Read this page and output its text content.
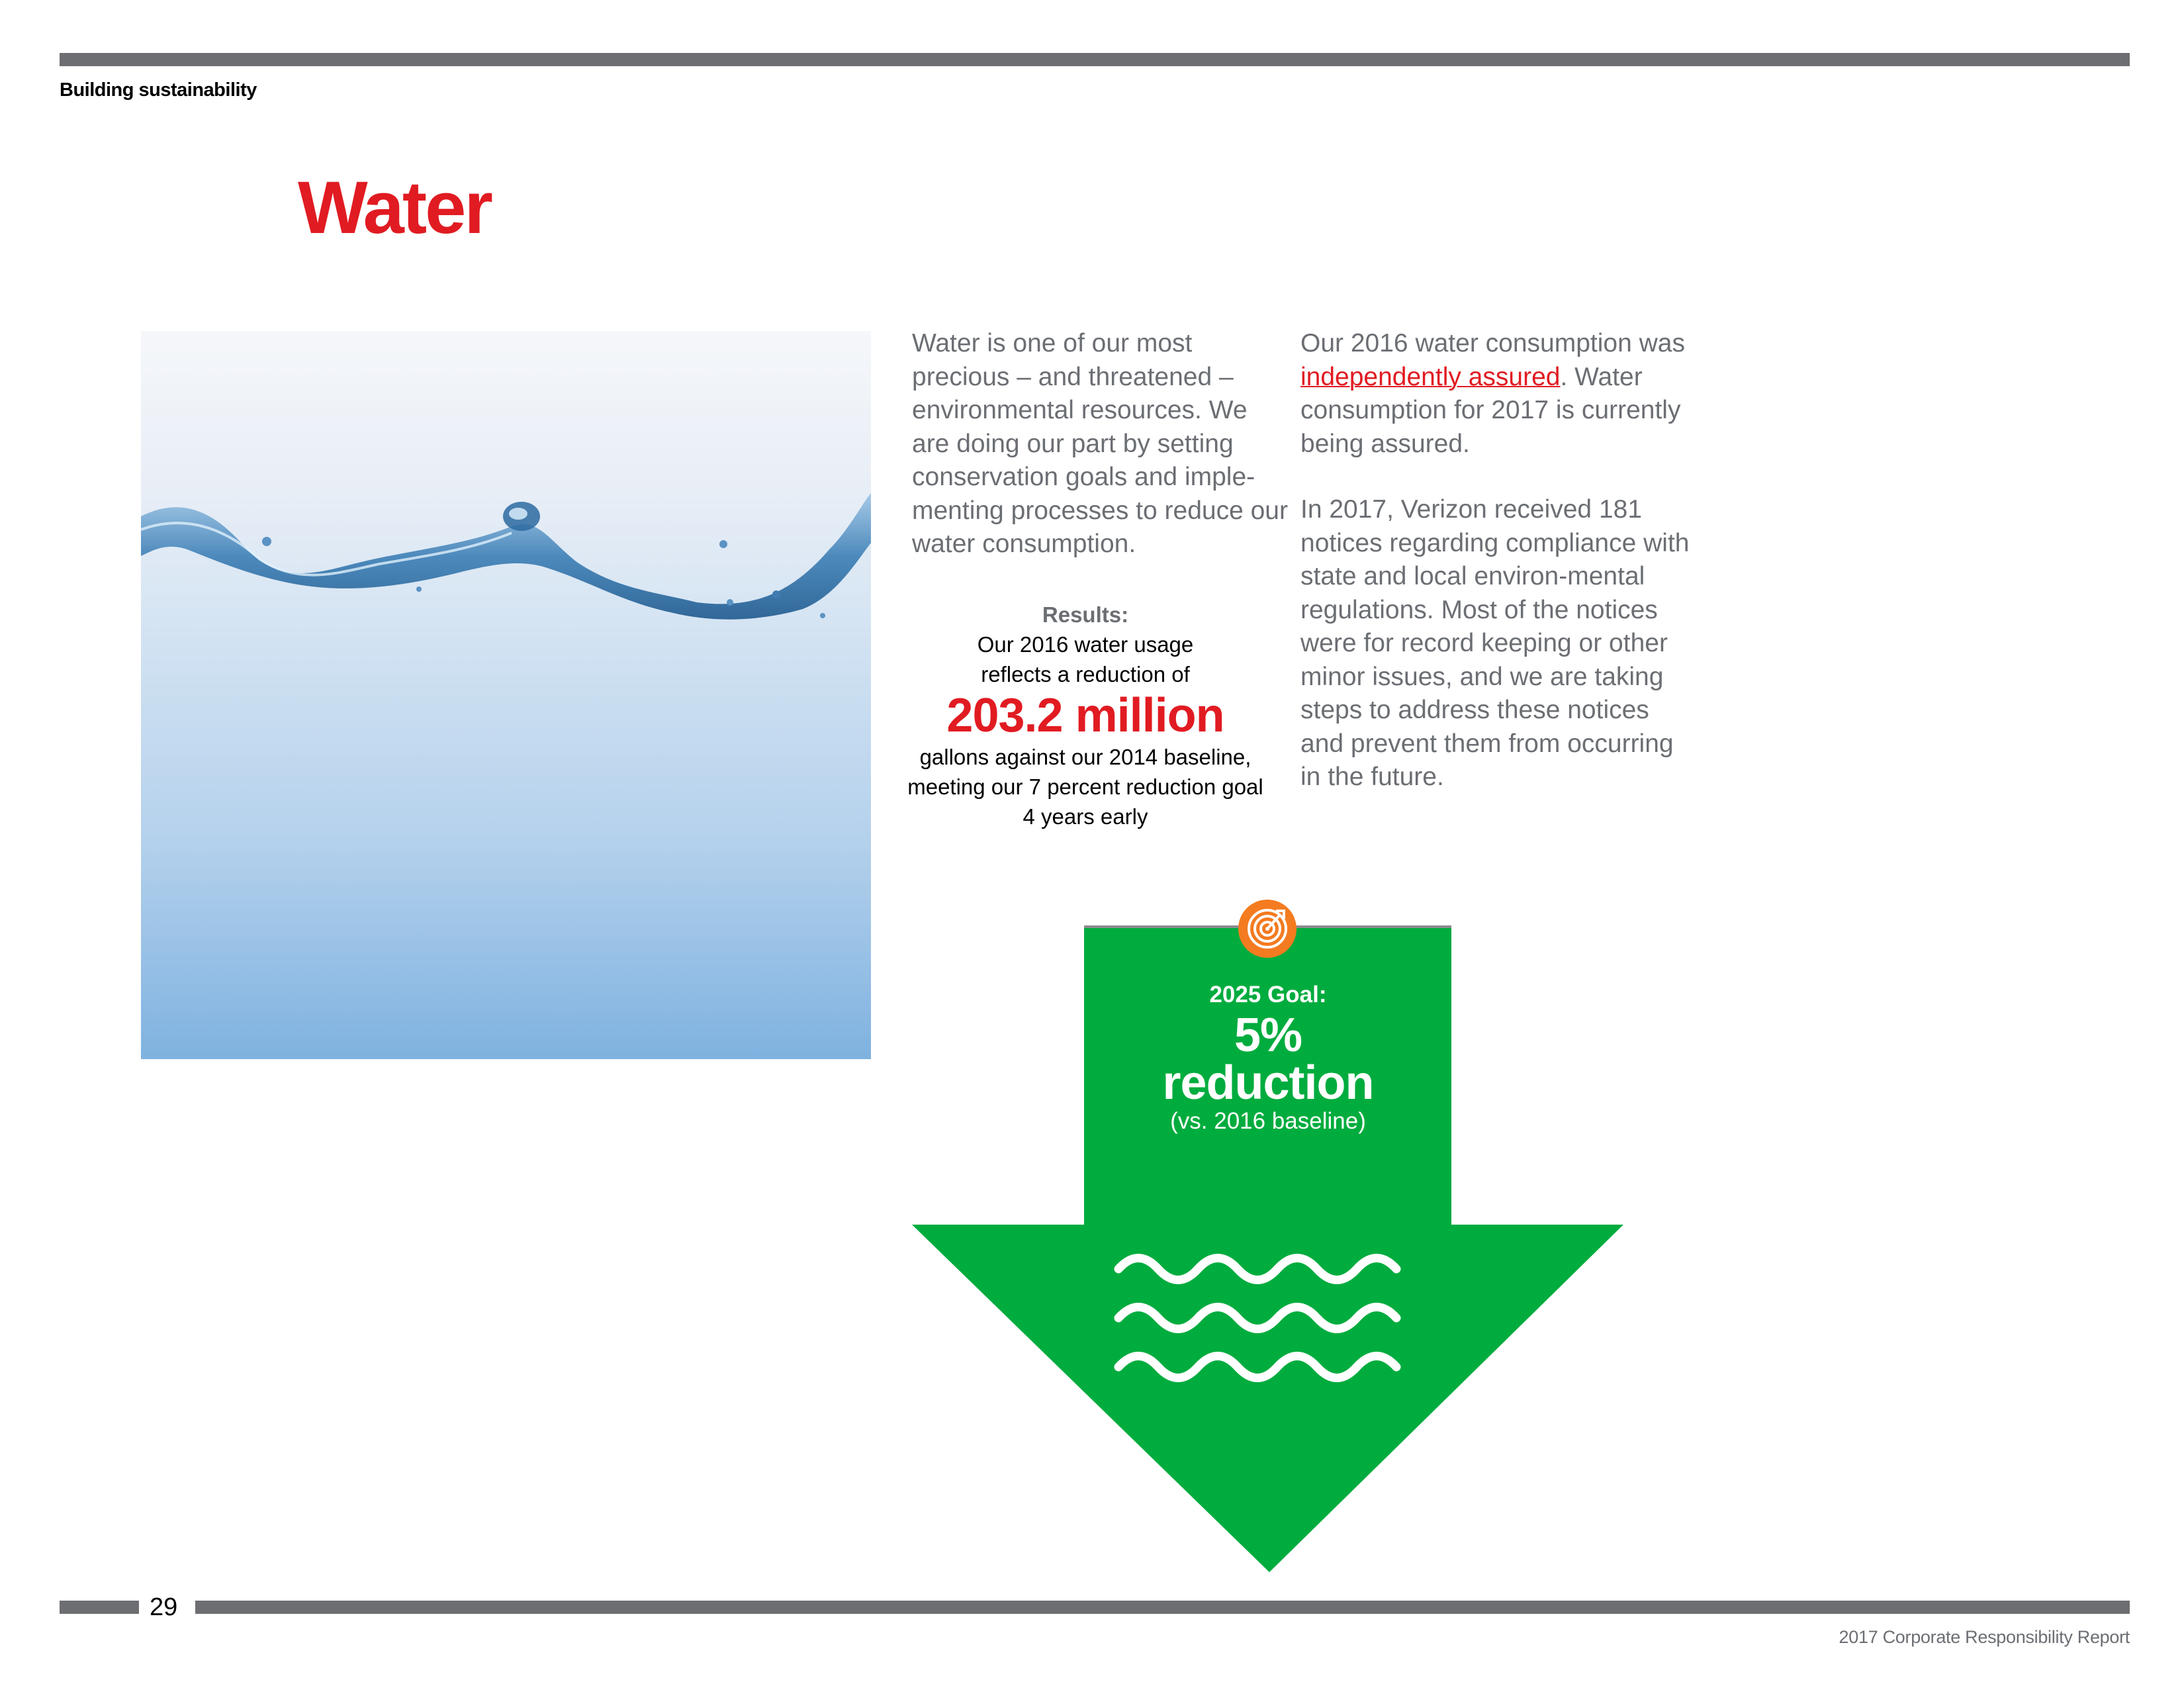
Building sustainability
Water
Water is one of our most precious – and threatened – environmental resources. We are doing our part by setting conservation goals and imple-menting processes to reduce our water consumption.
Results:
Our 2016 water usage reflects a reduction of
203.2 million
gallons against our 2014 baseline, meeting our 7 percent reduction goal 4 years early
Our 2016 water consumption was independently assured. Water consumption for 2017 is currently being assured.
In 2017, Verizon received 181 notices regarding compliance with state and local environ-mental regulations. Most of the notices were for record keeping or other minor issues, and we are taking steps to address these notices and prevent them from occurring in the future.
2025 Goal:
5%
reduction
(vs. 2016 baseline)
29
2017 Corporate Responsibility Report
